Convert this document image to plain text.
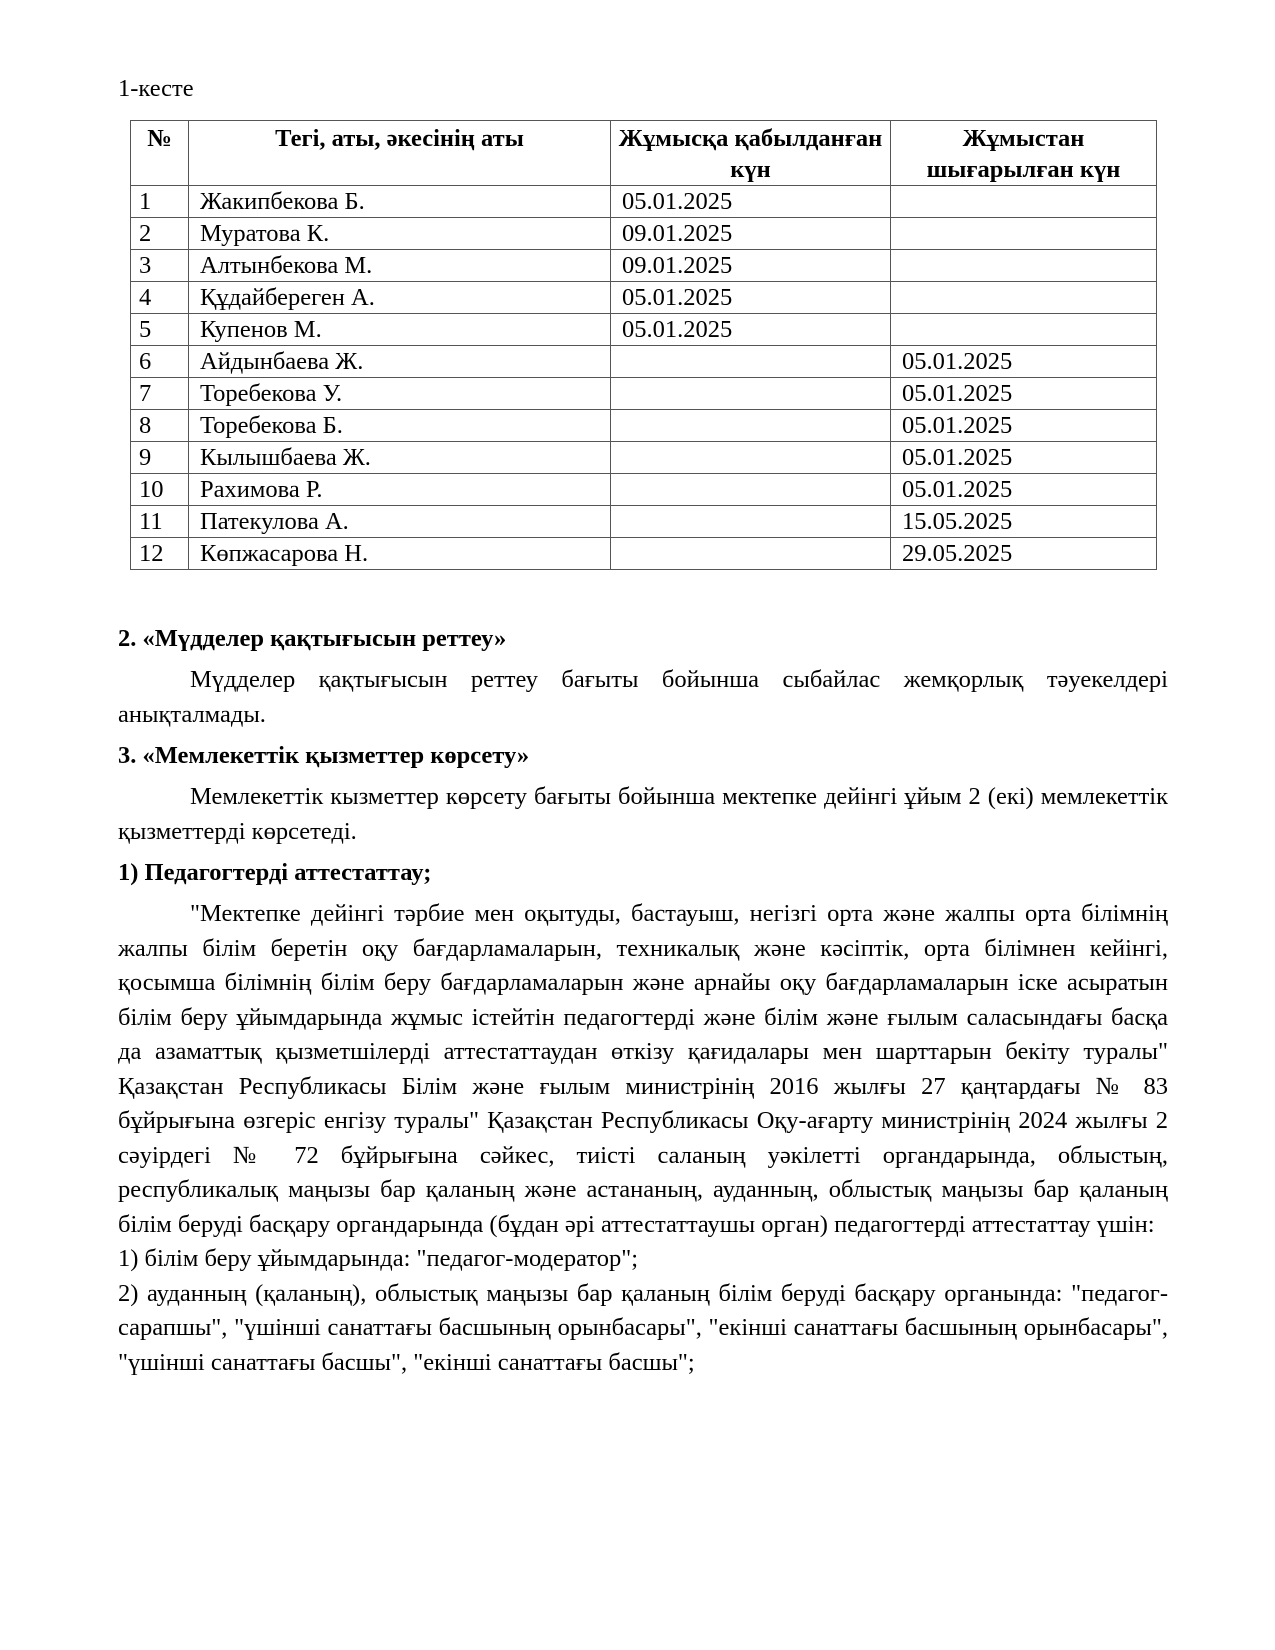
1-кесте

№	Тегі, аты, әкесінің аты	Жұмысқа қабылданған күн	Жұмыстан шығарылған күн
1	Жакипбекова Б.	05.01.2025	
2	Муратова К.	09.01.2025	
3	Алтынбекова М.	09.01.2025	
4	Құдайбереген А.	05.01.2025	
5	Купенов М.	05.01.2025	
6	Айдынбаева Ж.		05.01.2025
7	Торебекова У.		05.01.2025
8	Торебекова Б.		05.01.2025
9	Кылышбаева Ж.		05.01.2025
10	Рахимова Р.		05.01.2025
11	Патекулова А.		15.05.2025
12	Көпжасарова Н.		29.05.2025
2. «Мүдделер қақтығысын реттеу»

Мүдделер қақтығысын реттеу бағыты бойынша сыбайлас жемқорлық тәуекелдері анықталмады.

3. «Мемлекеттік қызметтер көрсету»

Мемлекеттік кызметтер көрсету бағыты бойынша мектепке дейінгі ұйым 2 (екі) мемлекеттік қызметтерді көрсетеді.

1) Педагогтерді аттестаттау;

"Мектепке дейінгі тәрбие мен оқытуды, бастауыш, негізгі орта және жалпы орта білімнің жалпы білім беретін оқу бағдарламаларын, техникалық және кәсіптік, орта білімнен кейінгі, қосымша білімнің білім беру бағдарламаларын және арнайы оқу бағдарламаларын іске асыратын білім беру ұйымдарында жұмыс істейтін педагогтерді және білім және ғылым саласындағы басқа да азаматтық қызметшілерді аттестаттаудан өткізу қағидалары мен шарттарын бекіту туралы" Қазақстан Республикасы Білім және ғылым министрінің 2016 жылғы 27 қаңтардағы № 83 бұйрығына өзгеріс енгізу туралы" Қазақстан Республикасы Оқу-ағарту министрінің 2024 жылғы 2 сәуірдегі № 72 бұйрығына сәйкес, тиісті саланың уәкілетті органдарында, облыстың, республикалық маңызы бар қаланың және астананың, ауданның, облыстық маңызы бар қаланың білім беруді басқару органдарында (бұдан әрі аттестаттаушы орган) педагогтерді аттестаттау үшін:

1) білім беру ұйымдарында: "педагог-модератор";

2) ауданның (қаланың), облыстық маңызы бар қаланың білім беруді басқару органында: "педагог-сарапшы", "үшінші санаттағы басшының орынбасары", "екінші санаттағы басшының орынбасары", "үшінші санаттағы басшы", "екінші санаттағы басшы";
